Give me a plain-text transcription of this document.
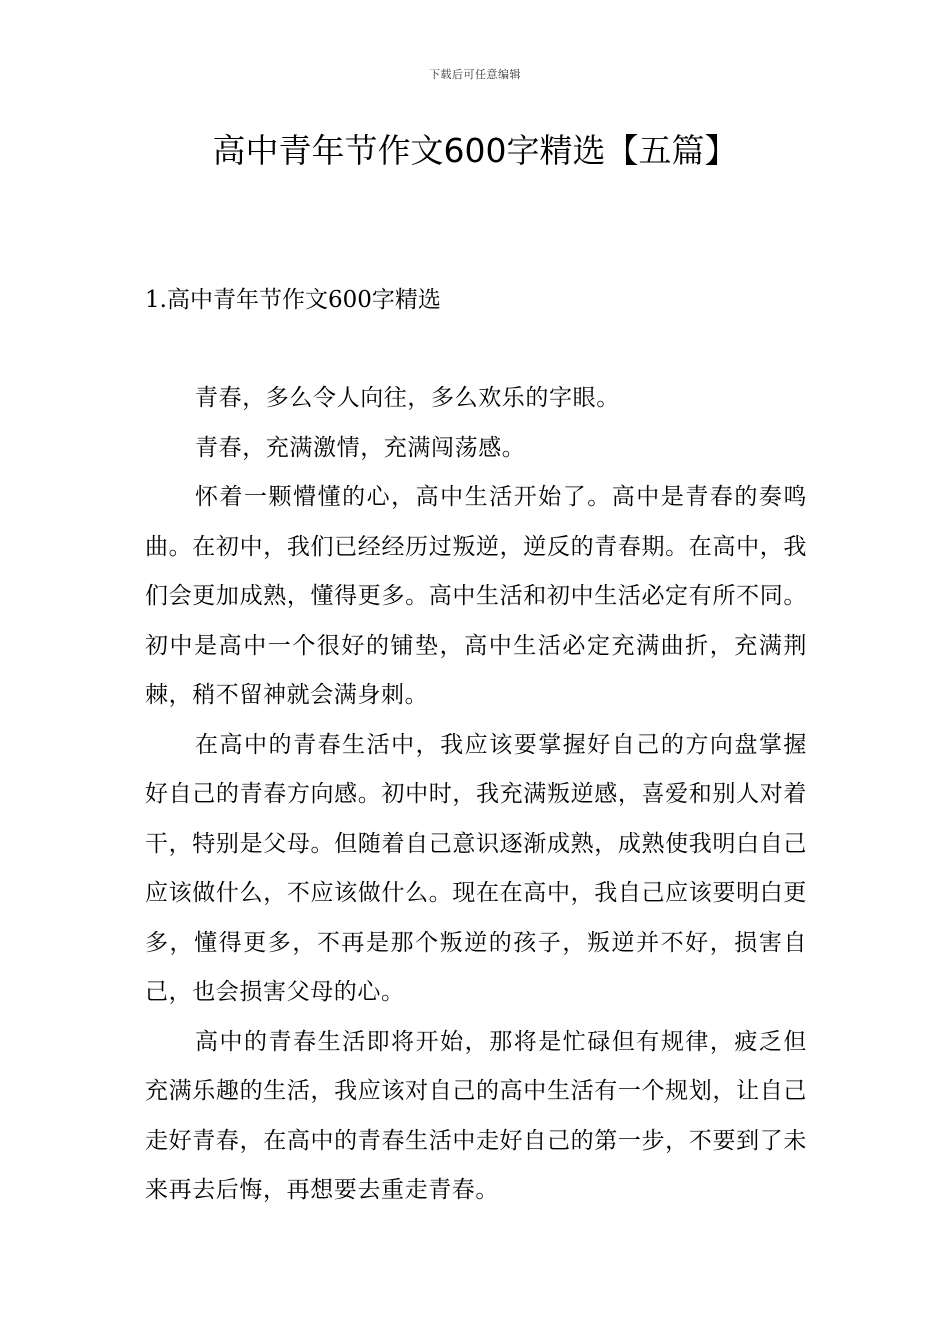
下载后可任意编辑
高中青年节作文600字精选【五篇】
1.高中青年节作文600字精选

青春，多么令人向往，多么欢乐的字眼。

青春，充满激情，充满闯荡感。

怀着一颗懵懂的心，高中生活开始了。高中是青春的奏鸣曲。在初中，我们已经经历过叛逆，逆反的青春期。在高中，我们会更加成熟，懂得更多。高中生活和初中生活必定有所不同。初中是高中一个很好的铺垫，高中生活必定充满曲折，充满荆棘，稍不留神就会满身刺。

在高中的青春生活中，我应该要掌握好自己的方向盘掌握好自己的青春方向感。初中时，我充满叛逆感，喜爱和别人对着干，特别是父母。但随着自己意识逐渐成熟，成熟使我明白自己应该做什么，不应该做什么。现在在高中，我自己应该要明白更多，懂得更多，不再是那个叛逆的孩子，叛逆并不好，损害自己，也会损害父母的心。

高中的青春生活即将开始，那将是忙碌但有规律，疲乏但充满乐趣的生活，我应该对自己的高中生活有一个规划，让自己走好青春，在高中的青春生活中走好自己的第一步，不要到了未来再去后悔，再想要去重走青春。
